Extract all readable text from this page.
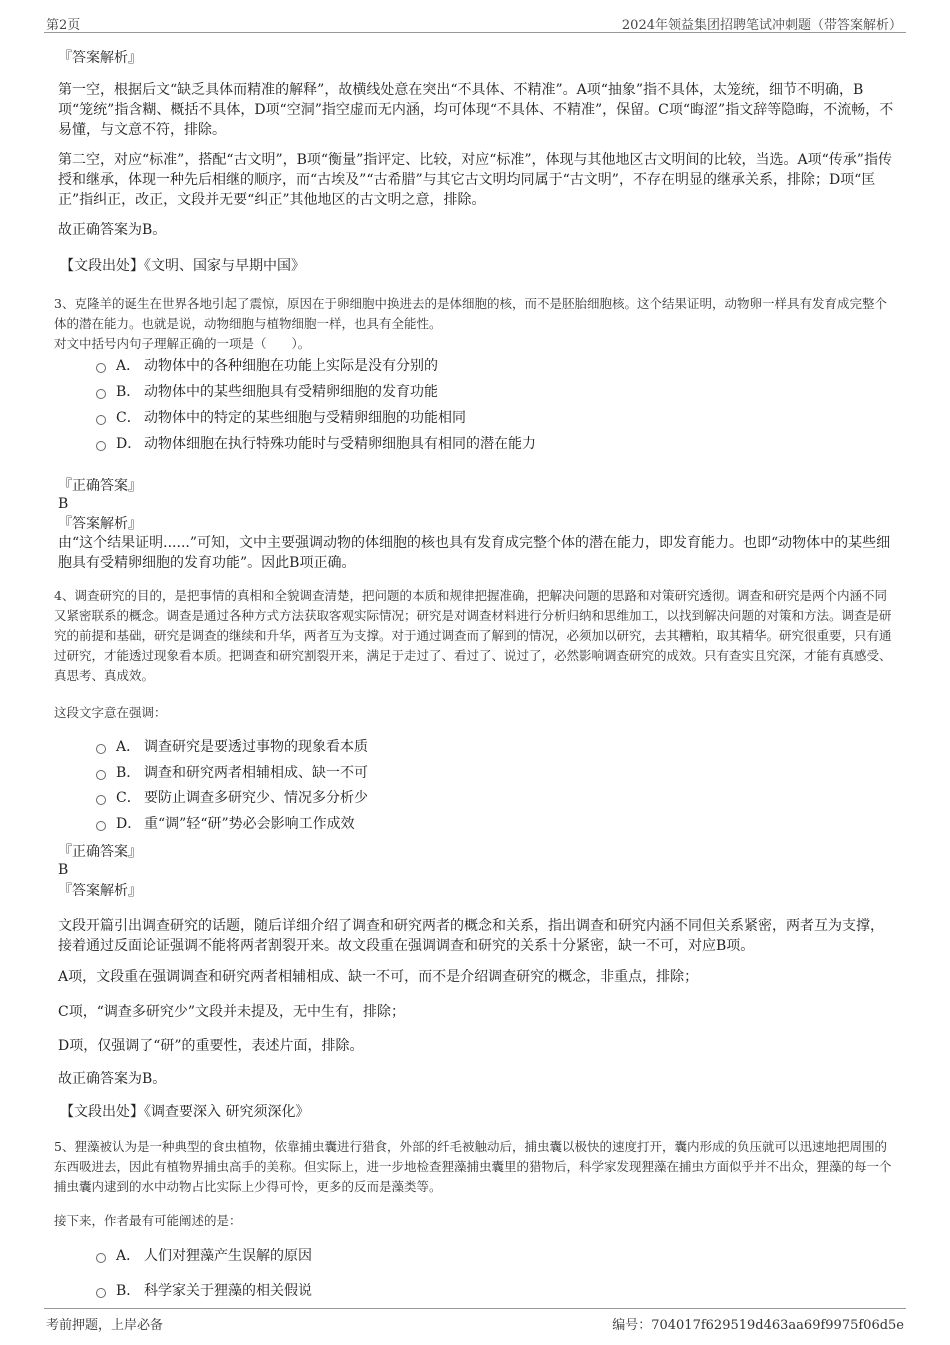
第2页	2024年领益集团招聘笔试冲刺题（带答案解析）
『答案解析』
第一空，根据后文“缺乏具体而精准的解释”，故横线处意在突出“不具体、不精准”。A项“抽象”指不具体，太笼统，细节不明确，B项“笼统”指含糊、概括不具体，D项“空洞”指空虚而无内涵，均可体现“不具体、不精准”，保留。C项“晦涩”指文辞等隐晦，不流畅，不易懂，与文意不符，排除。
第二空，对应“标准”，搭配“古文明”，B项“衡量”指评定、比较，对应“标准”，体现与其他地区古文明间的比较，当选。A项“传承”指传授和继承，体现一种先后相继的顺序，而“古埃及”“古希腊”与其它古文明均同属于“古文明”，不存在明显的继承关系，排除；D项“匡正”指纠正，改正，文段并无要“纠正”其他地区的古文明之意，排除。
故正确答案为B。
【文段出处】《文明、国家与早期中国》
3、克隆羊的诞生在世界各地引起了震惊，原因在于卵细胞中换进去的是体细胞的核，而不是胚胎细胞核。这个结果证明，动物卵一样具有发育成完整个体的潜在能力。也就是说，动物细胞与植物细胞一样，也具有全能性。
对文中括号内句子理解正确的一项是（　　）。
A． 动物体中的各种细胞在功能上实际是没有分别的
B． 动物体中的某些细胞具有受精卵细胞的发育功能
C． 动物体中的特定的某些细胞与受精卵细胞的功能相同
D． 动物体细胞在执行特殊功能时与受精卵细胞具有相同的潜在能力
『正确答案』
B
『答案解析』
由“这个结果证明......”可知，文中主要强调动物的体细胞的核也具有发育成完整个体的潜在能力，即发育能力。也即“动物体中的某些细胞具有受精卵细胞的发育功能”。因此B项正确。
4、调查研究的目的，是把事情的真相和全貌调查清楚，把问题的本质和规律把握准确，把解决问题的思路和对策研究透彻。调查和研究是两个内涵不同又紧密联系的概念。调查是通过各种方式方法获取客观实际情况；研究是对调查材料进行分析归纳和思维加工，以找到解决问题的对策和方法。调查是研究的前提和基础，研究是调查的继续和升华，两者互为支撑。对于通过调查而了解到的情况，必须加以研究，去其糟粕，取其精华。研究很重要，只有通过研究，才能透过现象看本质。把调查和研究割裂开来，满足于走过了、看过了、说过了，必然影响调查研究的成效。只有查实且究深，才能有真感受、真思考、真成效。
这段文字意在强调：
A． 调查研究是要透过事物的现象看本质
B． 调查和研究两者相辅相成、缺一不可
C． 要防止调查多研究少、情况多分析少
D． 重“调”轻“研”势必会影响工作成效
『正确答案』
B
『答案解析』
文段开篇引出调查研究的话题，随后详细介绍了调查和研究两者的概念和关系，指出调查和研究内涵不同但关系紧密，两者互为支撑，接着通过反面论证强调不能将两者割裂开来。故文段重在强调调查和研究的关系十分紧密，缺一不可，对应B项。
A项，文段重在强调调查和研究两者相辅相成、缺一不可，而不是介绍调查研究的概念，非重点，排除；
C项，“调查多研究少”文段并未提及，无中生有，排除；
D项，仅强调了“研”的重要性，表述片面，排除。
故正确答案为B。
【文段出处】《调查要深入 研究须深化》
5、狸藻被认为是一种典型的食虫植物，依靠捕虫囊进行猎食，外部的纤毛被触动后，捕虫囊以极快的速度打开，囊内形成的负压就可以迅速地把周围的东西吸进去，因此有植物界捕虫高手的美称。但实际上，进一步地检查狸藻捕虫囊里的猎物后，科学家发现狸藻在捕虫方面似乎并不出众，狸藻的每一个捕虫囊内逮到的水中动物占比实际上少得可怜，更多的反而是藻类等。
接下来，作者最有可能阐述的是：
A． 人们对狸藻产生误解的原因
B． 科学家关于狸藻的相关假说
考前押题，上岸必备	编号：704017f629519d463aa69f9975f06d5e
